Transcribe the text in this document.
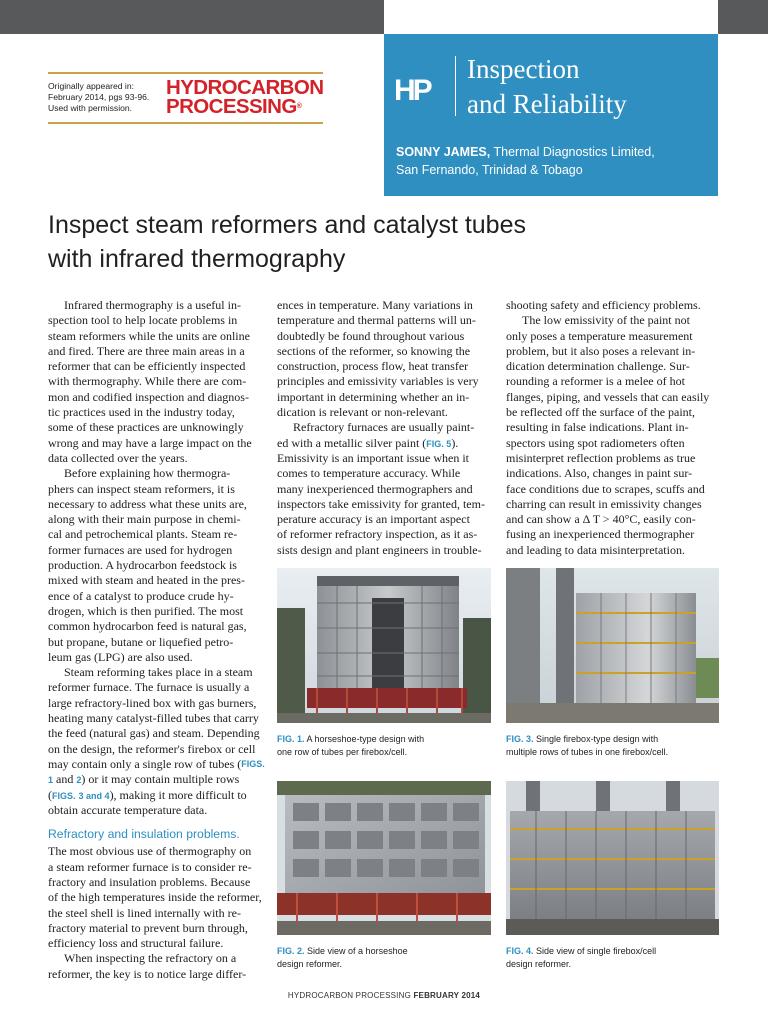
Originally appeared in:
February 2014, pgs 93-96.
Used with permission.
HYDROCARBON
PROCESSING®	HP
Inspection
and Reliability
SONNY JAMES, Thermal Diagnostics Limited,
San Fernando, Trinidad & Tobago
Inspect steam reformers and catalyst tubes
with infrared thermography
Infrared thermography is a useful in-
spection tool to help locate problems in
steam reformers while the units are online
and fired. There are three main areas in a
reformer that can be efficiently inspected
with thermography. While there are com-
mon and codified inspection and diagnos-
tic practices used in the industry today,
some of these practices are unknowingly
wrong and may have a large impact on the
data collected over the years.
Before explaining how thermogra-
phers can inspect steam reformers, it is
necessary to address what these units are,
along with their main purpose in chemi-
cal and petrochemical plants. Steam re-
former furnaces are used for hydrogen
production. A hydrocarbon feedstock is
mixed with steam and heated in the pres-
ence of a catalyst to produce crude hy-
drogen, which is then purified. The most
common hydrocarbon feed is natural gas,
but propane, butane or liquefied petro-
leum gas (LPG) are also used.
Steam reforming takes place in a steam
reformer furnace. The furnace is usually a
large refractory-lined box with gas burners,
heating many catalyst-filled tubes that carry
the feed (natural gas) and steam. Depending
on the design, the reformer's firebox or cell
may contain only a single row of tubes ( FIGS.
1 and 2) or it may contain multiple rows
(FIGS. 3 and 4), making it more difficult to
obtain accurate temperature data.
Refractory and insulation problems.
The most obvious use of thermography on
a steam reformer furnace is to consider re-
fractory and insulation problems. Because
of the high temperatures inside the reformer,
the steel shell is lined internally with re-
fractory material to prevent burn through,
efficiency loss and structural failure.
When inspecting the refractory on a
reformer, the key is to notice large differ-
ences in temperature. Many variations in
temperature and thermal patterns will un-
doubtedly be found throughout various
sections of the reformer, so knowing the
construction, process flow, heat transfer
principles and emissivity variables is very
important in determining whether an in-
dication is relevant or non-relevant.
Refractory furnaces are usually paint-
ed with a metallic silver paint (FIG. 5).
Emissivity is an important issue when it
comes to temperature accuracy. While
many inexperienced thermographers and
inspectors take emissivity for granted, tem-
perature accuracy is an important aspect
of reformer refractory inspection, as it as-
sists design and plant engineers in trouble-
shooting safety and efficiency problems.
The low emissivity of the paint not
only poses a temperature measurement
problem, but it also poses a relevant in-
dication determination challenge. Sur-
rounding a reformer is a melee of hot
flanges, piping, and vessels that can easily
be reflected off the surface of the paint,
resulting in false indications. Plant in-
spectors using spot radiometers often
misinterpret reflection problems as true
indications. Also, changes in paint sur-
face conditions due to scrapes, scuffs and
charring can result in emissivity changes
and can show a Δ T > 40°C, easily con-
fusing an inexperienced thermographer
and leading to data misinterpretation.
FIG. 1. A horseshoe-type design with
one row of tubes per firebox/cell.
FIG. 3. Single firebox-type design with
multiple rows of tubes in one firebox/cell.
FIG. 2. Side view of a horseshoe
design reformer.
FIG. 4. Side view of single firebox/cell
design reformer.
HYDROCARBON PROCESSING FEBRUARY 2014
